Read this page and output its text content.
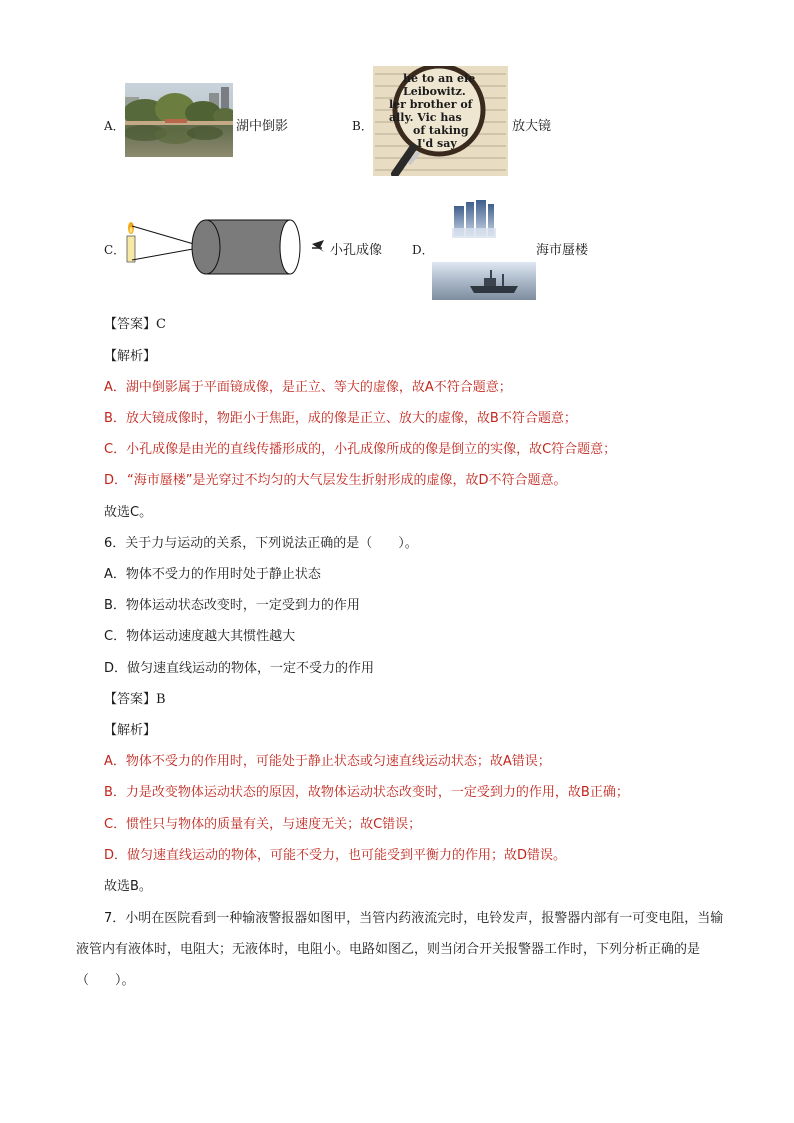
A．	湖中倒影	B．
he to an ele
Leibowitz.
ler brother of
ally. Vic has
of taking
I'd say
放大镜
C．	小孔成像 D．	海市蜃楼
【答案】C
【解析】
A．湖中倒影属于平面镜成像，是正立、等大的虚像，故A不符合题意；
B．放大镜成像时，物距小于焦距，成的像是正立、放大的虚像，故B不符合题意；
C．小孔成像是由光的直线传播形成的，小孔成像所成的像是倒立的实像，故C符合题意；
D．“海市蜃楼”是光穿过不均匀的大气层发生折射形成的虚像，故D不符合题意。
故选C。
6．关于力与运动的关系，下列说法正确的是（　　）。
A．物体不受力的作用时处于静止状态
B．物体运动状态改变时，一定受到力的作用
C．物体运动速度越大其惯性越大
D．做匀速直线运动的物体，一定不受力的作用
【答案】B
【解析】
A．物体不受力的作用时，可能处于静止状态或匀速直线运动状态；故A错误；
B．力是改变物体运动状态的原因，故物体运动状态改变时，一定受到力的作用，故B正确；
C．惯性只与物体的质量有关，与速度无关；故C错误；
D．做匀速直线运动的物体，可能不受力，也可能受到平衡力的作用；故D错误。
故选B。
7．小明在医院看到一种输液警报器如图甲，当管内药液流完时，电铃发声，报警器内部有一可变电阻，当输液管内有液体时，电阻大；无液体时，电阻小。电路如图乙，则当闭合开关报警器工作时，下列分析正确的是（　　）。
